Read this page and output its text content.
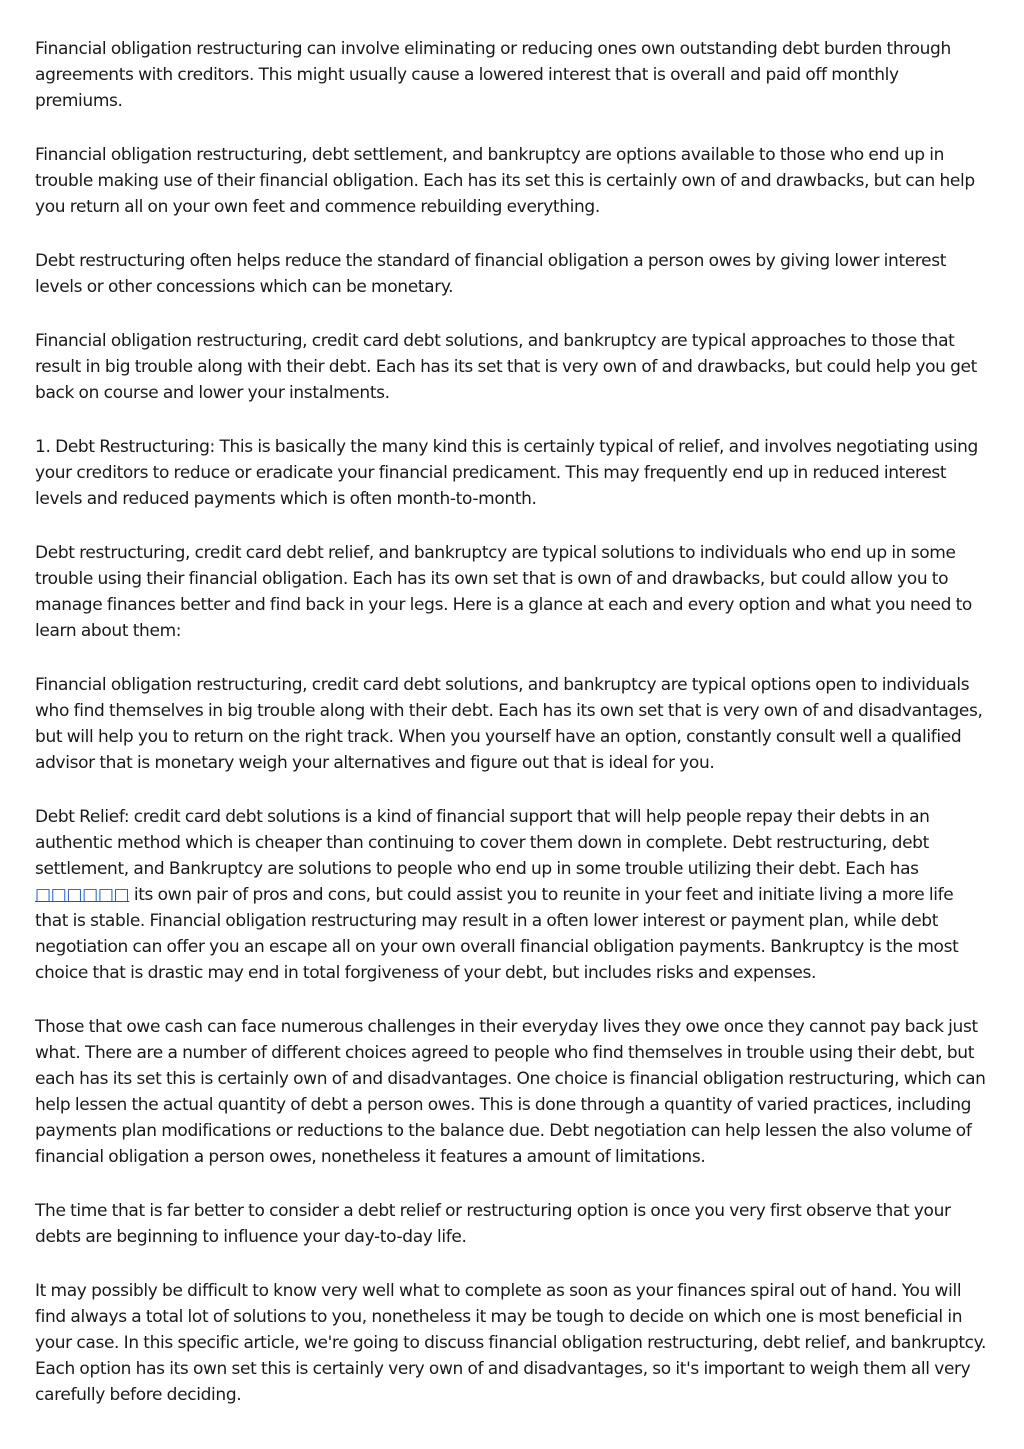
Financial obligation restructuring can involve eliminating or reducing ones own outstanding debt burden through agreements with creditors. This might usually cause a lowered interest that is overall and paid off monthly premiums.

Financial obligation restructuring, debt settlement, and bankruptcy are options available to those who end up in trouble making use of their financial obligation. Each has its set this is certainly own of and drawbacks, but can help you return all on your own feet and commence rebuilding everything.

Debt restructuring often helps reduce the standard of financial obligation a person owes by giving lower interest levels or other concessions which can be monetary.

Financial obligation restructuring, credit card debt solutions, and bankruptcy are typical approaches to those that result in big trouble along with their debt. Each has its set that is very own of and drawbacks, but could help you get back on course and lower your instalments.

1. Debt Restructuring: This is basically the many kind this is certainly typical of relief, and involves negotiating using your creditors to reduce or eradicate your financial predicament. This may frequently end up in reduced interest levels and reduced payments which is often month-to-month.

Debt restructuring, credit card debt relief, and bankruptcy are typical solutions to individuals who end up in some trouble using their financial obligation. Each has its own set that is own of and drawbacks, but could allow you to manage finances better and find back in your legs. Here is a glance at each and every option and what you need to learn about them:

Financial obligation restructuring, credit card debt solutions, and bankruptcy are typical options open to individuals who find themselves in big trouble along with their debt. Each has its own set that is very own of and disadvantages, but will help you to return on the right track. When you yourself have an option, constantly consult well a qualified advisor that is monetary weigh your alternatives and figure out that is ideal for you.

Debt Relief: credit card debt solutions is a kind of financial support that will help people repay their debts in an authentic method which is cheaper than continuing to cover them down in complete. Debt restructuring, debt settlement, and Bankruptcy are solutions to people who end up in some trouble utilizing their debt. Each has □□□□□□ its own pair of pros and cons, but could assist you to reunite in your feet and initiate living a more life that is stable. Financial obligation restructuring may result in a often lower interest or payment plan, while debt negotiation can offer you an escape all on your own overall financial obligation payments. Bankruptcy is the most choice that is drastic may end in total forgiveness of your debt, but includes risks and expenses.

Those that owe cash can face numerous challenges in their everyday lives they owe once they cannot pay back just what. There are a number of different choices agreed to people who find themselves in trouble using their debt, but each has its set this is certainly own of and disadvantages. One choice is financial obligation restructuring, which can help lessen the actual quantity of debt a person owes. This is done through a quantity of varied practices, including payments plan modifications or reductions to the balance due. Debt negotiation can help lessen the also volume of financial obligation a person owes, nonetheless it features a amount of limitations.

The time that is far better to consider a debt relief or restructuring option is once you very first observe that your debts are beginning to influence your day-to-day life.

It may possibly be difficult to know very well what to complete as soon as your finances spiral out of hand. You will find always a total lot of solutions to you, nonetheless it may be tough to decide on which one is most beneficial in your case. In this specific article, we're going to discuss financial obligation restructuring, debt relief, and bankruptcy. Each option has its own set this is certainly very own of and disadvantages, so it's important to weigh them all very carefully before deciding.
